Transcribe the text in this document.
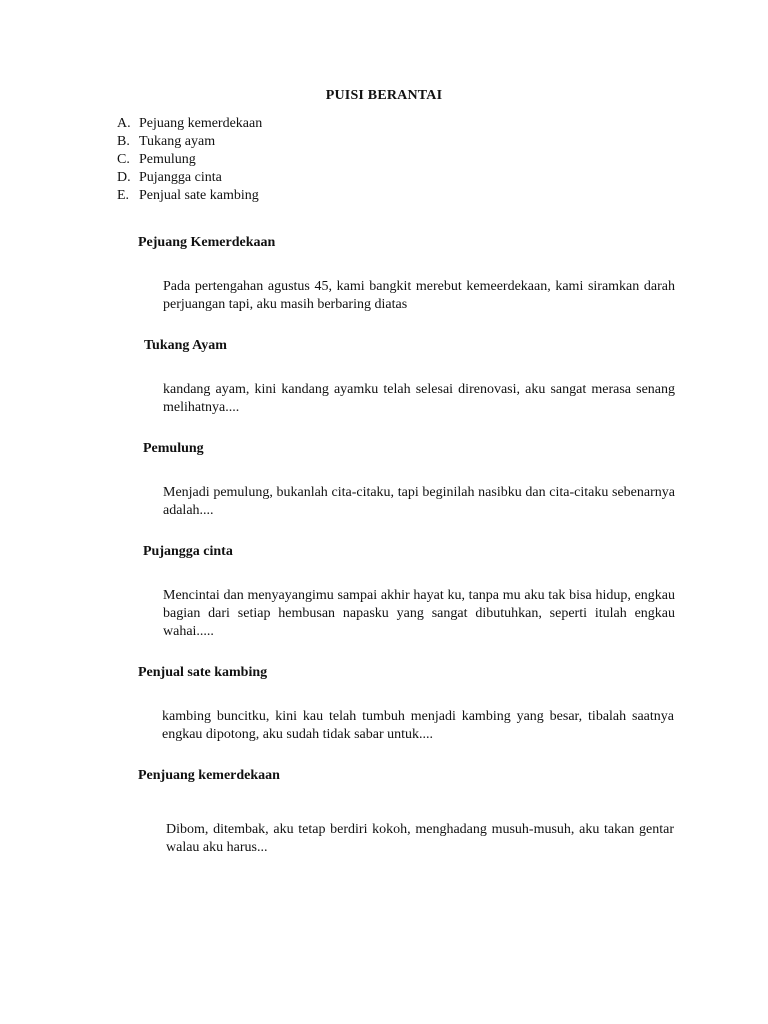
PUISI BERANTAI
A. Pejuang kemerdekaan
B. Tukang ayam
C. Pemulung
D. Pujangga cinta
E. Penjual sate kambing
Pejuang Kemerdekaan
Pada pertengahan agustus 45, kami bangkit merebut kemeerdekaan, kami siramkan darah perjuangan tapi, aku masih berbaring diatas
Tukang Ayam
kandang ayam, kini kandang ayamku telah selesai direnovasi, aku sangat merasa senang melihatnya....
Pemulung
Menjadi pemulung, bukanlah cita-citaku, tapi beginilah nasibku dan cita-citaku sebenarnya adalah....
Pujangga cinta
Mencintai dan menyayangimu sampai akhir hayat ku, tanpa mu aku tak bisa hidup, engkau bagian dari setiap hembusan napasku yang sangat dibutuhkan, seperti itulah engkau wahai.....
Penjual sate kambing
kambing buncitku, kini kau telah tumbuh menjadi kambing yang besar, tibalah saatnya engkau dipotong, aku sudah tidak sabar untuk....
Penjuang kemerdekaan
Dibom, ditembak, aku tetap berdiri kokoh, menghadang musuh-musuh, aku takan gentar walau aku harus...
